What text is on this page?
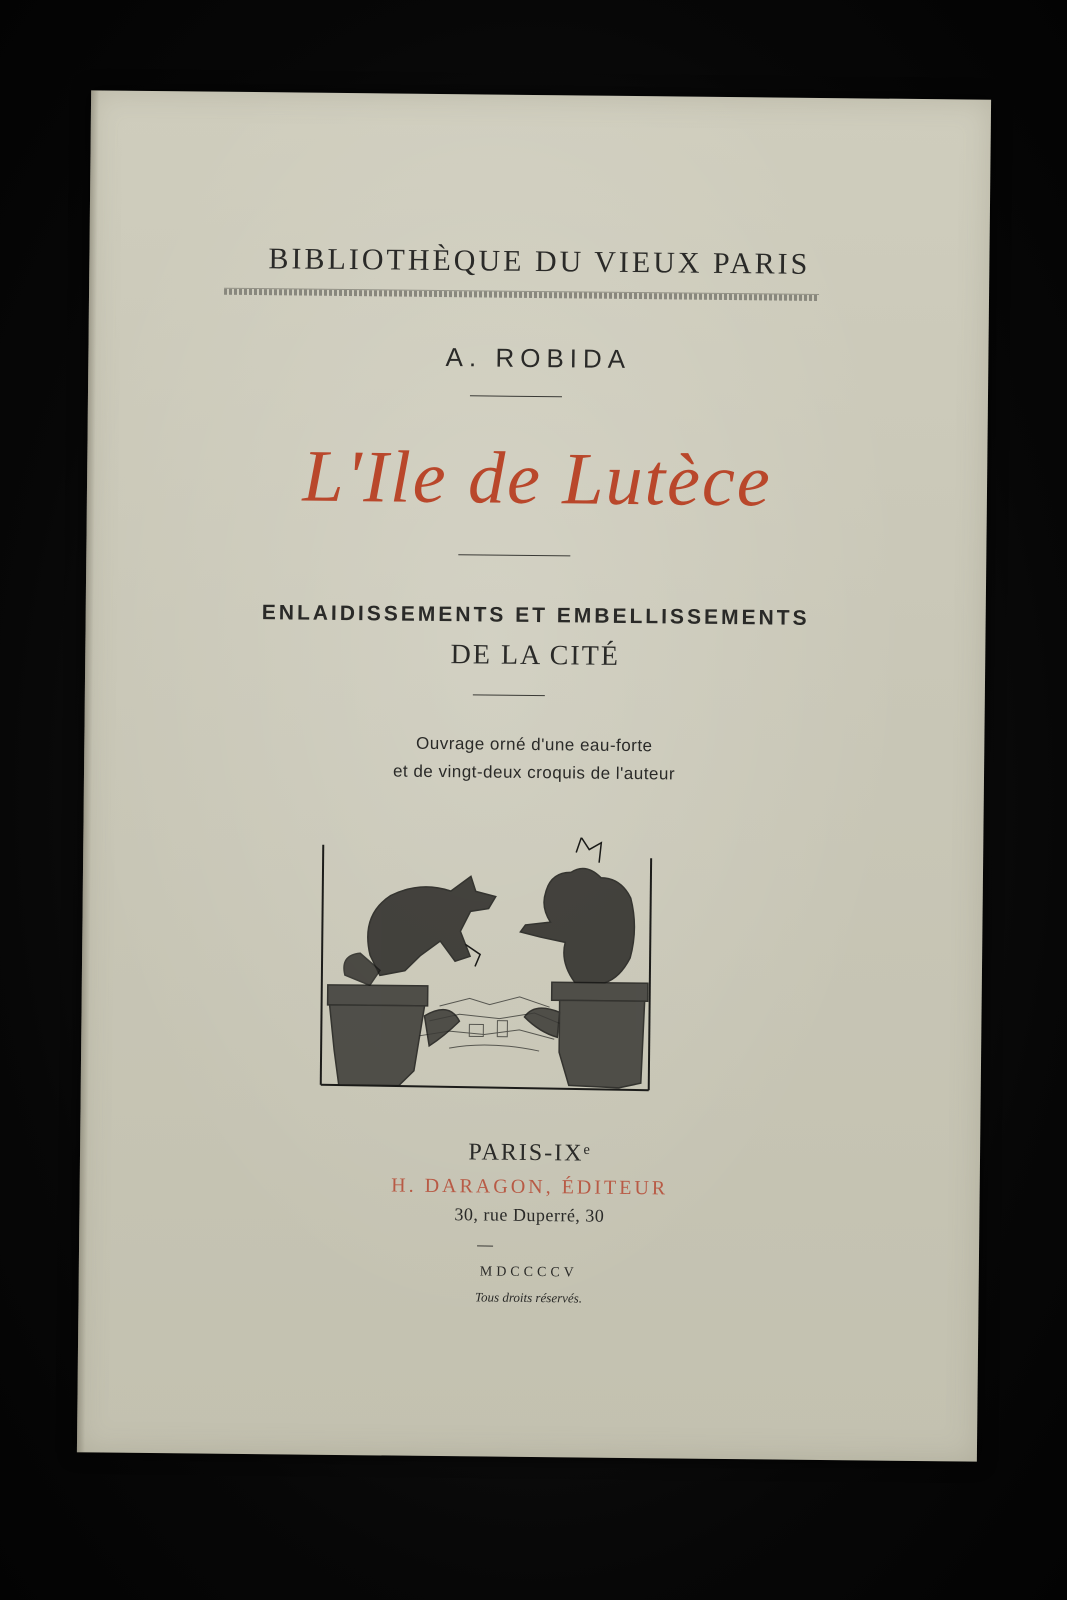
BIBLIOTHÈQUE DU VIEUX PARIS
A. ROBIDA
L'Ile de Lutèce
ENLAIDISSEMENTS ET EMBELLISSEMENTS
DE LA CITÉ
Ouvrage orné d'une eau-forte
et de vingt-deux croquis de l'auteur
PARIS-IXᵉ
H. DARAGON, ÉDITEUR
30, rue Duperré, 30
MDCCCCV
Tous droits réservés.
